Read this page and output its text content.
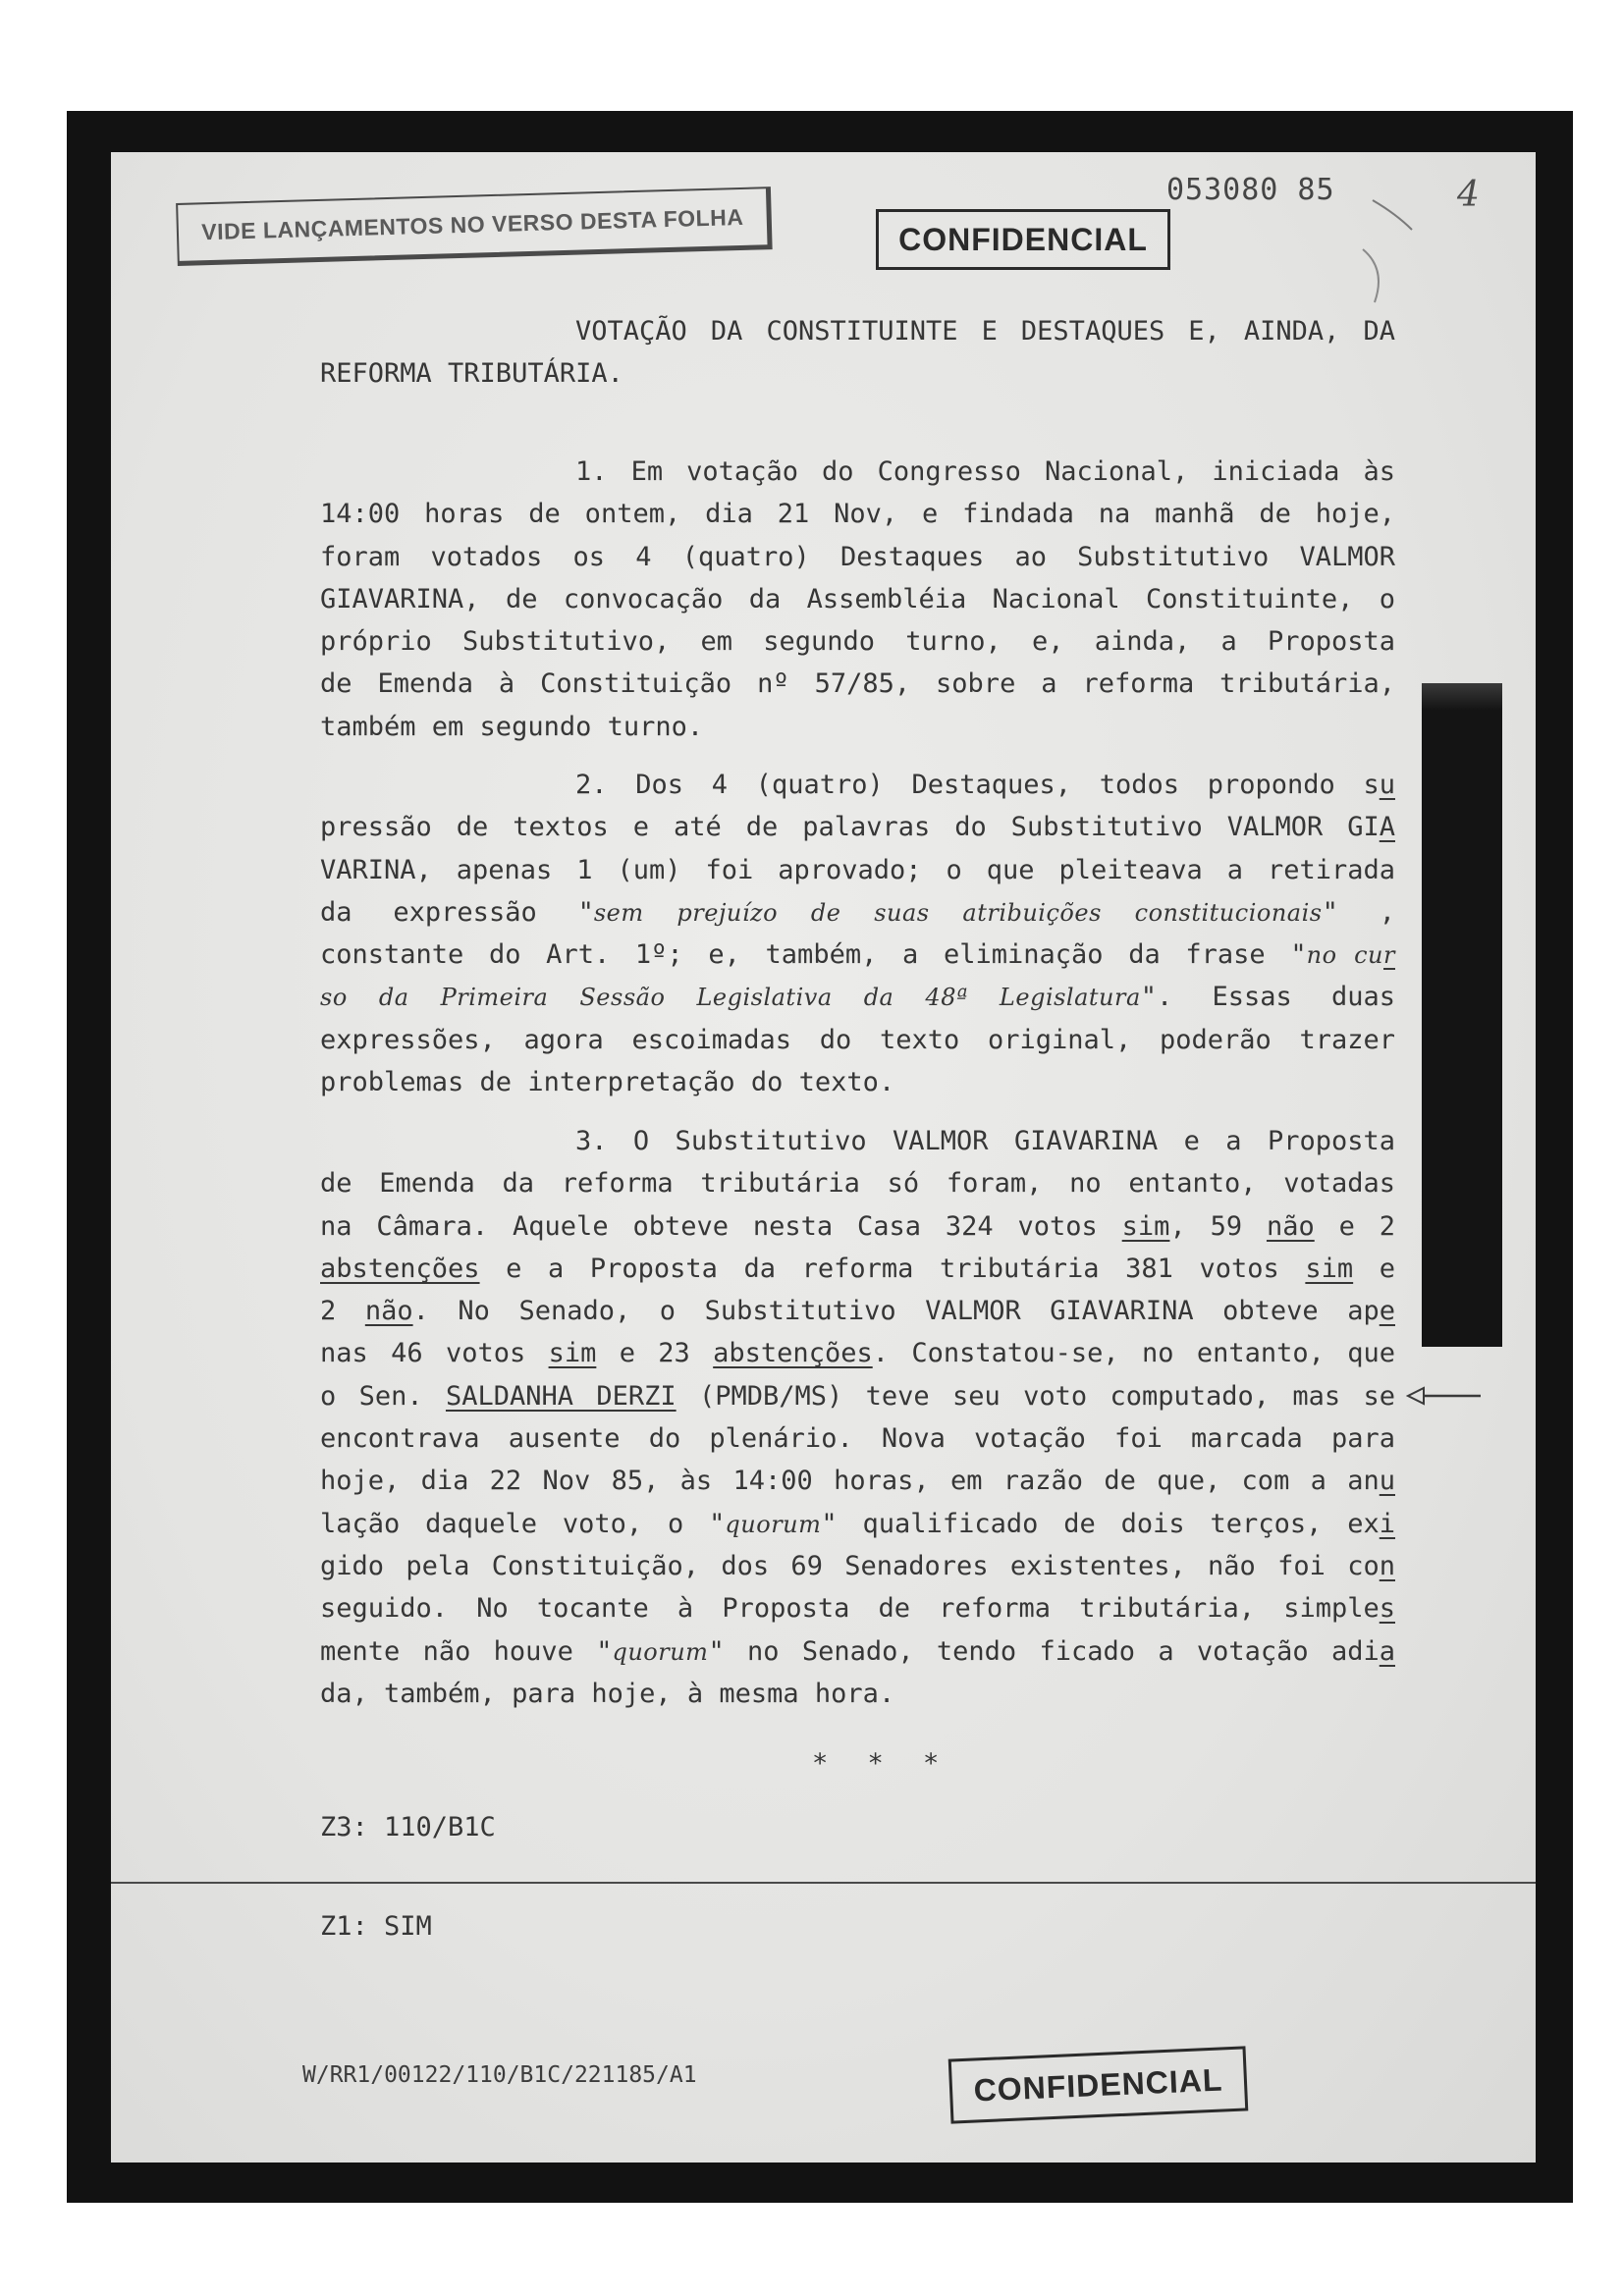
VIDE LANÇAMENTOS NO VERSO DESTA FOLHA	CONFIDENCIAL
053080 85	4
VOTAÇÃO DA CONSTITUINTE E DESTAQUES E, AINDA, DA
REFORMA TRIBUTÁRIA.
1. Em votação do Congresso Nacional, iniciada às
14:00 horas de ontem, dia 21 Nov, e findada na manhã de hoje,
foram votados os 4 (quatro) Destaques ao Substitutivo VALMOR
GIAVARINA, de convocação da Assembléia Nacional Constituinte, o
próprio Substitutivo, em segundo turno, e, ainda, a Proposta
de Emenda à Constituição nº 57/85, sobre a reforma tributária,
também em segundo turno.
2. Dos 4 (quatro) Destaques, todos propondo su
pressão de textos e até de palavras do Substitutivo VALMOR GIA
VARINA, apenas 1 (um) foi aprovado; o que pleiteava a retirada
da expressão "sem prejuízo de suas atribuições constitucionais" ,
constante do Art. 1º; e, também, a eliminação da frase "no cur
so da Primeira Sessão Legislativa da 48ª Legislatura". Essas duas
expressões, agora escoimadas do texto original, poderão trazer
problemas de interpretação do texto.
3. O Substitutivo VALMOR GIAVARINA e a Proposta
de Emenda da reforma tributária só foram, no entanto, votadas
na Câmara. Aquele obteve nesta Casa 324 votos sim, 59 não e 2
abstenções e a Proposta da reforma tributária 381 votos sim e
2 não. No Senado, o Substitutivo VALMOR GIAVARINA obteve ape
nas 46 votos sim e 23 abstenções. Constatou-se, no entanto, que
o Sen. SALDANHA DERZI (PMDB/MS) teve seu voto computado, mas se
encontrava ausente do plenário. Nova votação foi marcada para
hoje, dia 22 Nov 85, às 14:00 horas, em razão de que, com a anu
lação daquele voto, o "quorum" qualificado de dois terços, exi
gido pela Constituição, dos 69 Senadores existentes, não foi con
seguido. No tocante à Proposta de reforma tributária, simples
mente não houve "quorum" no Senado, tendo ficado a votação adia
da, também, para hoje, à mesma hora.
* * *
Z3: 110/B1C
Z1: SIM
W/RR1/00122/110/B1C/221185/A1	CONFIDENCIAL
